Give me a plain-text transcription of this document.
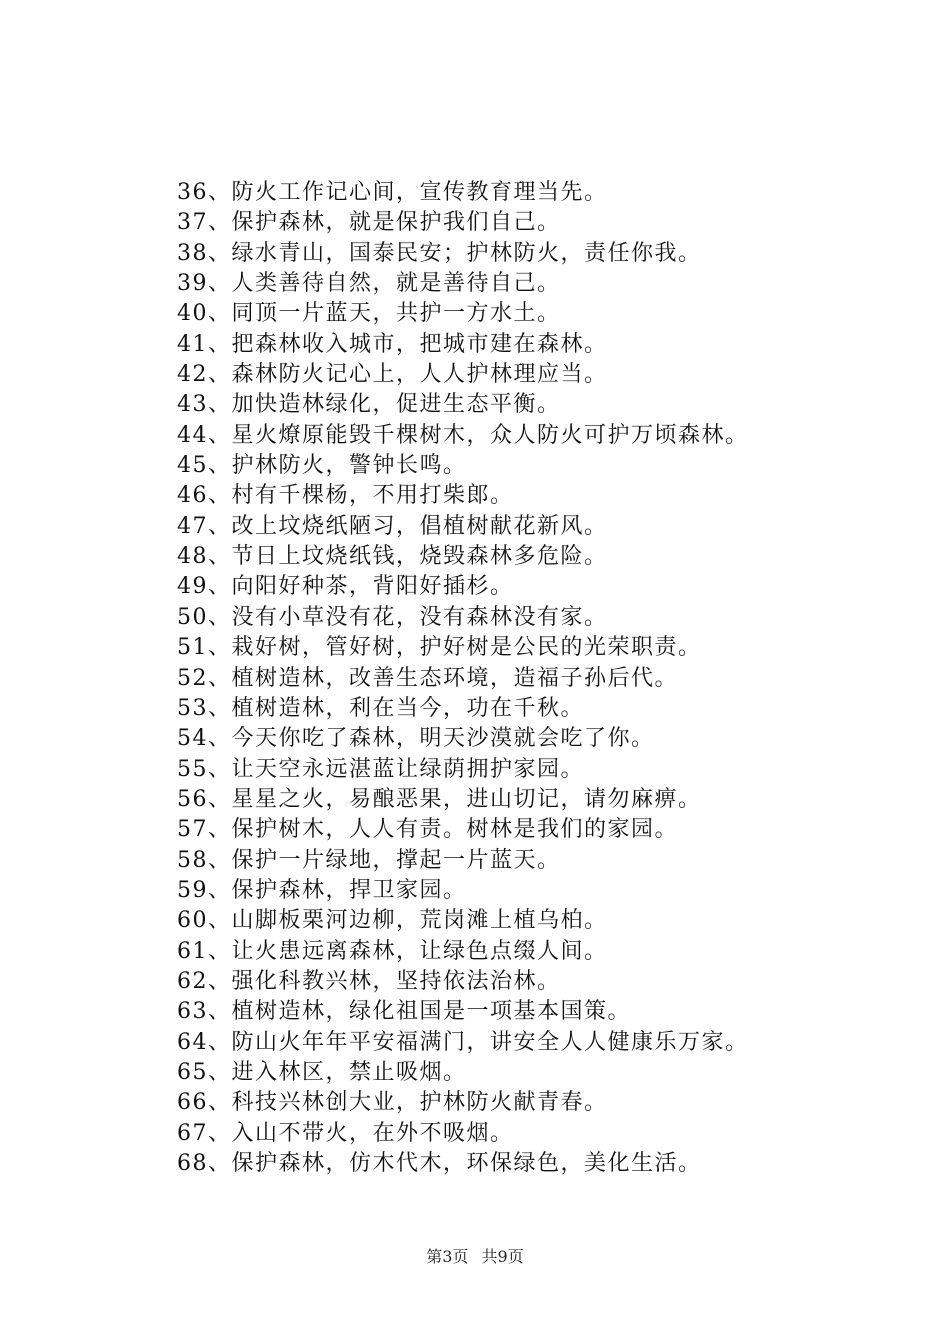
36、防火工作记心间，宣传教育理当先。
37、保护森林，就是保护我们自己。
38、绿水青山，国泰民安；护林防火，责任你我。
39、人类善待自然，就是善待自己。
40、同顶一片蓝天，共护一方水土。
41、把森林收入城市，把城市建在森林。
42、森林防火记心上，人人护林理应当。
43、加快造林绿化，促进生态平衡。
44、星火燎原能毁千棵树木，众人防火可护万顷森林。
45、护林防火，警钟长鸣。
46、村有千棵杨，不用打柴郎。
47、改上坟烧纸陋习，倡植树献花新风。
48、节日上坟烧纸钱，烧毁森林多危险。
49、向阳好种茶，背阳好插杉。
50、没有小草没有花，没有森林没有家。
51、栽好树，管好树，护好树是公民的光荣职责。
52、植树造林，改善生态环境，造福子孙后代。
53、植树造林，利在当今，功在千秋。
54、今天你吃了森林，明天沙漠就会吃了你。
55、让天空永远湛蓝让绿荫拥护家园。
56、星星之火，易酿恶果，进山切记，请勿麻痹。
57、保护树木，人人有责。树林是我们的家园。
58、保护一片绿地，撑起一片蓝天。
59、保护森林，捍卫家园。
60、山脚板栗河边柳，荒岗滩上植乌柏。
61、让火患远离森林，让绿色点缀人间。
62、强化科教兴林，坚持依法治林。
63、植树造林，绿化祖国是一项基本国策。
64、防山火年年平安福满门，讲安全人人健康乐万家。
65、进入林区，禁止吸烟。
66、科技兴林创大业，护林防火献青春。
67、入山不带火，在外不吸烟。
68、保护森林，仿木代木，环保绿色，美化生活。
第3页 共9页
